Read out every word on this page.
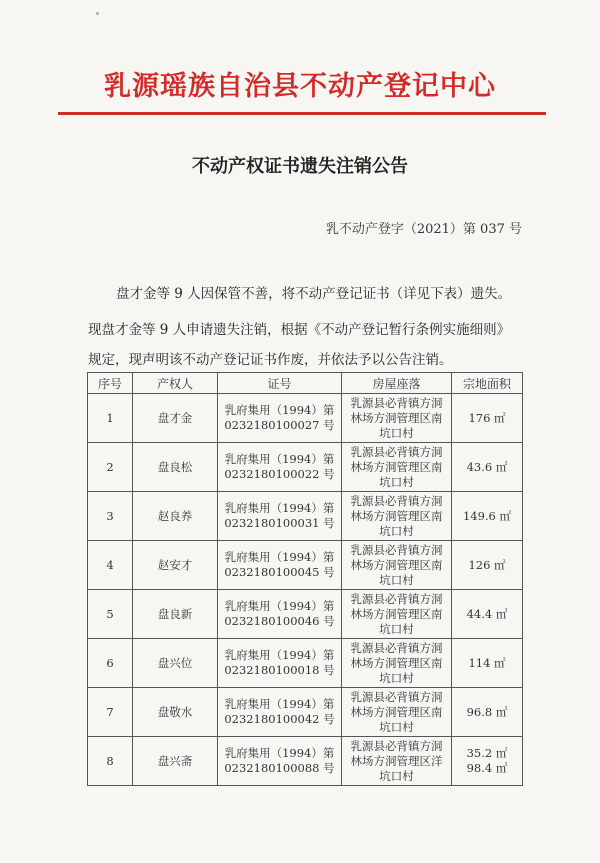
乳源瑶族自治县不动产登记中心
不动产权证书遗失注销公告
乳不动产登字（2021）第 037 号
盘才金等 9 人因保管不善，将不动产登记证书（详见下表）遗失。
现盘才金等 9 人申请遗失注销，根据《不动产登记暂行条例实施细则》
规定，现声明该不动产登记证书作废，并依法予以公告注销。
序号	产权人	证号	房屋座落	宗地面积

1	盘才金	乳府集用（1994）第
0232180100027 号	乳源县必背镇方洞
林场方洞管理区南
坑口村	176 ㎡

2	盘良松	乳府集用（1994）第
0232180100022 号	乳源县必背镇方洞
林场方洞管理区南
坑口村	43.6 ㎡

3	赵良养	乳府集用（1994）第
0232180100031 号	乳源县必背镇方洞
林场方洞管理区南
坑口村	149.6 ㎡

4	赵安才	乳府集用（1994）第
0232180100045 号	乳源县必背镇方洞
林场方洞管理区南
坑口村	126 ㎡

5	盘良新	乳府集用（1994）第
0232180100046 号	乳源县必背镇方洞
林场方洞管理区南
坑口村	44.4 ㎡

6	盘兴位	乳府集用（1994）第
0232180100018 号	乳源县必背镇方洞
林场方洞管理区南
坑口村	114 ㎡

7	盘敬水	乳府集用（1994）第
0232180100042 号	乳源县必背镇方洞
林场方洞管理区南
坑口村	96.8 ㎡

8	盘兴斋	乳府集用（1994）第
0232180100088 号	乳源县必背镇方洞
林场方洞管理区洋
坑口村	35.2 ㎡
98.4 ㎡
